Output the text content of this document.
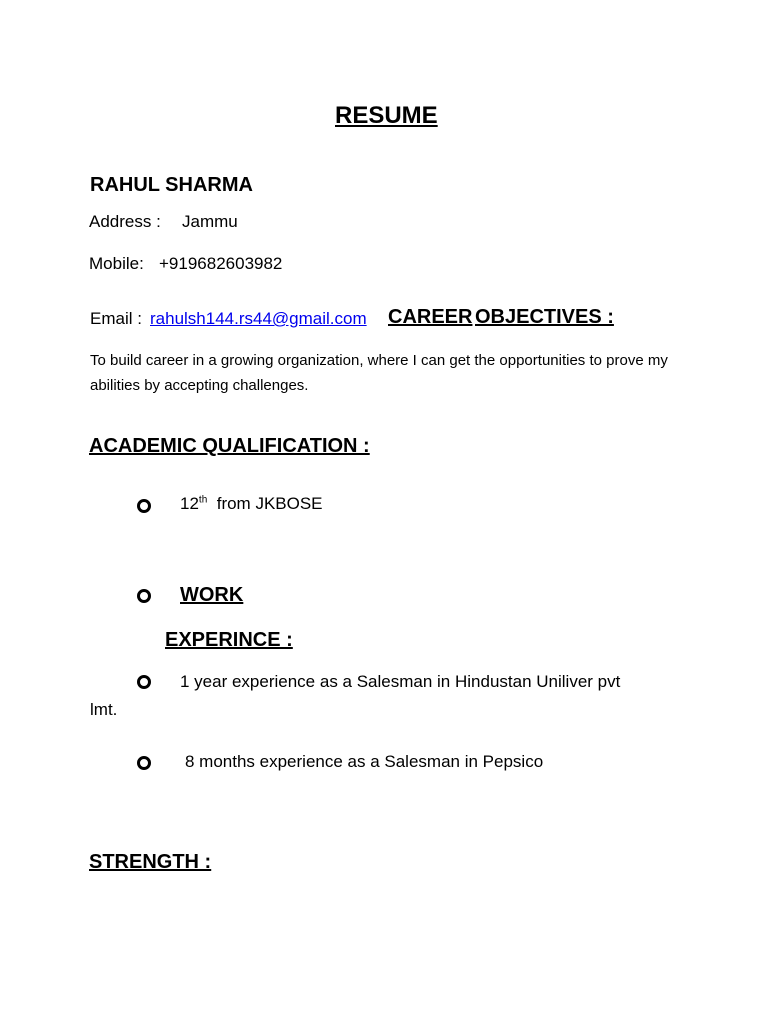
RESUME
RAHUL SHARMA
Address : Jammu
Mobile: +919682603982
Email : rahulsh144.rs44@gmail.com CAREER OBJECTIVES :
To build career in a growing organization, where I can get the opportunities to prove my abilities by accepting challenges.
ACADEMIC QUALIFICATION :
12th from JKBOSE
WORK
EXPERINCE :
1 year experience as a Salesman in Hindustan Uniliver pvt
lmt.
8 months experience as a Salesman in Pepsico
STRENGTH :
